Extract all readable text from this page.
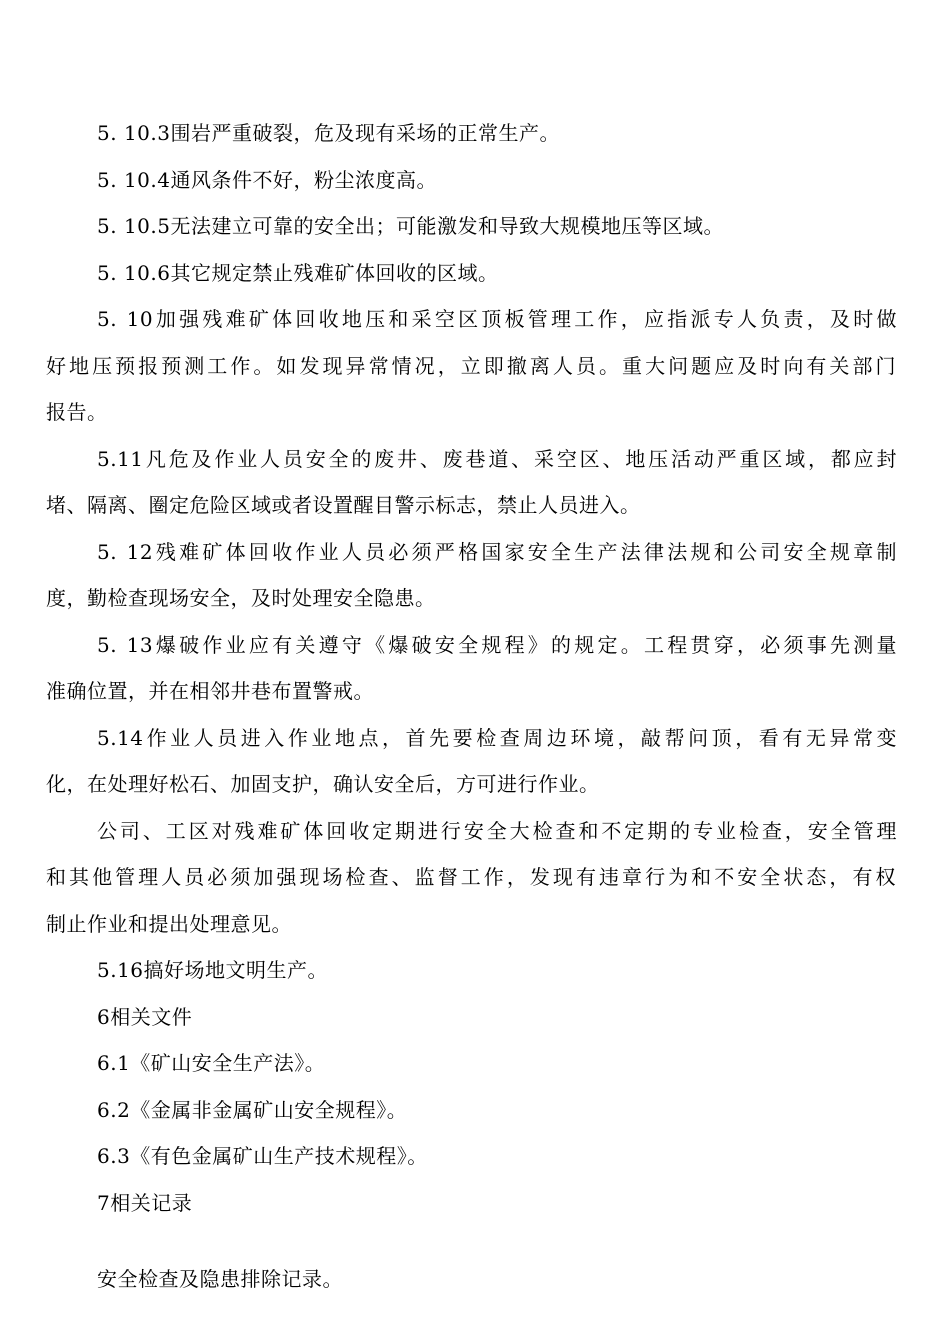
5. 10.3围岩严重破裂，危及现有采场的正常生产。
5. 10.4通风条件不好，粉尘浓度高。
5. 10.5无法建立可靠的安全出；可能激发和导致大规模地压等区域。
5. 10.6其它规定禁止残难矿体回收的区域。
5. 10加强残难矿体回收地压和采空区顶板管理工作，应指派专人负责，及时做
好地压预报预测工作。如发现异常情况，立即撤离人员。重大问题应及时向有关部门
报告。
5.11凡危及作业人员安全的废井、废巷道、采空区、地压活动严重区域，都应封
堵、隔离、圈定危险区域或者设置醒目警示标志，禁止人员进入。
5. 12残难矿体回收作业人员必须严格国家安全生产法律法规和公司安全规章制
度，勤检查现场安全，及时处理安全隐患。
5. 13爆破作业应有关遵守《爆破安全规程》的规定。工程贯穿，必须事先测量
准确位置，并在相邻井巷布置警戒。
5.14作业人员进入作业地点，首先要检查周边环境，敲帮问顶，看有无异常变
化，在处理好松石、加固支护，确认安全后，方可进行作业。
公司、工区对残难矿体回收定期进行安全大检查和不定期的专业检查，安全管理
和其他管理人员必须加强现场检查、监督工作，发现有违章行为和不安全状态，有权
制止作业和提出处理意见。
5.16搞好场地文明生产。
6相关文件
6.1《矿山安全生产法》。
6.2《金属非金属矿山安全规程》。
6.3《有色金属矿山生产技术规程》。
7相关记录
安全检查及隐患排除记录。
